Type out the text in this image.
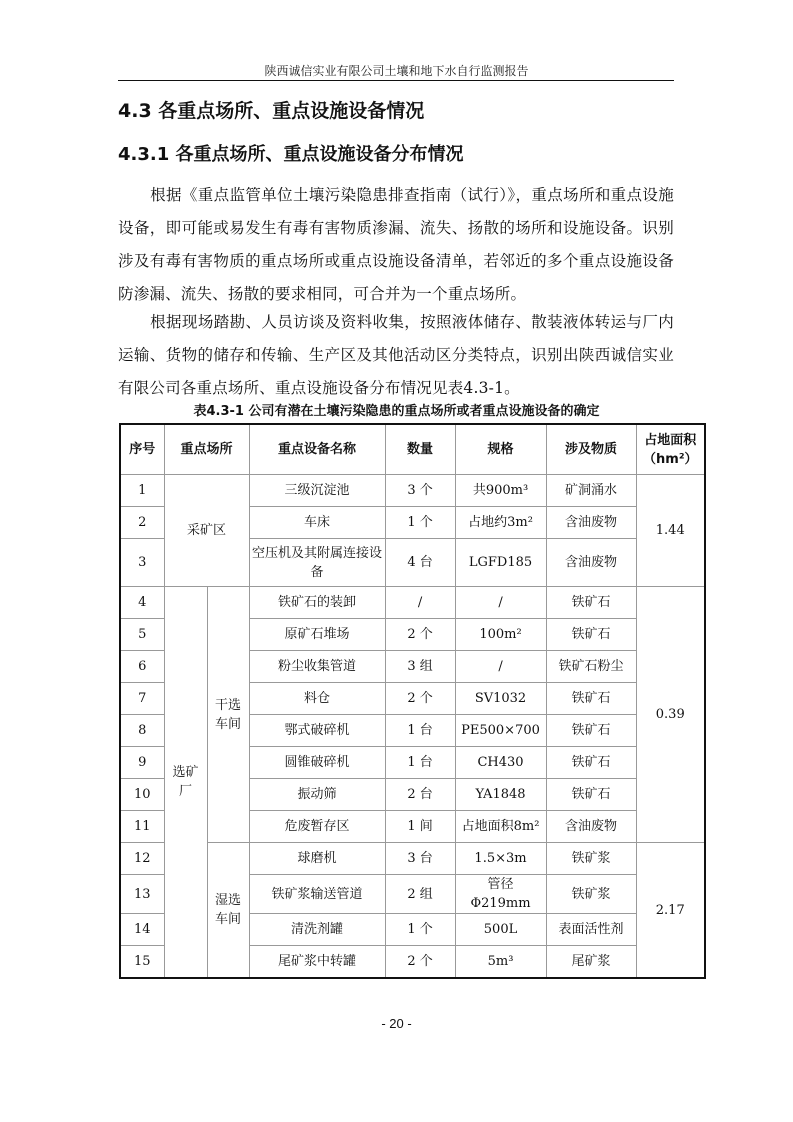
陕西诚信实业有限公司土壤和地下水自行监测报告
4.3 各重点场所、重点设施设备情况
4.3.1 各重点场所、重点设施设备分布情况
根据《重点监管单位土壤污染隐患排查指南（试行）》，重点场所和重点设施设备，即可能或易发生有毒有害物质渗漏、流失、扬散的场所和设施设备。识别涉及有毒有害物质的重点场所或重点设施设备清单，若邻近的多个重点设施设备防渗漏、流失、扬散的要求相同，可合并为一个重点场所。
根据现场踏勘、人员访谈及资料收集，按照液体储存、散装液体转运与厂内运输、货物的储存和传输、生产区及其他活动区分类特点，识别出陕西诚信实业有限公司各重点场所、重点设施设备分布情况见表4.3-1。
表4.3-1 公司有潜在土壤污染隐患的重点场所或者重点设施设备的确定
序号	重点场所		重点设备名称	数量	规格	涉及物质	占地面积
（hm²）
1	采矿区		三级沉淀池	3 个	共900m³	矿洞涌水	1.44
2			车床	1 个	占地约3m²	含油废物	
3			空压机及其附属连接设备	4 台	LGFD185	含油废物	
4	选矿厂	干选车间	铁矿石的装卸	/	/	铁矿石	0.39
5			原矿石堆场	2 个	100m²	铁矿石	
6			粉尘收集管道	3 组	/	铁矿石粉尘	
7			料仓	2 个	SV1032	铁矿石	
8			鄂式破碎机	1 台	PE500×700	铁矿石	
9			圆锥破碎机	1 台	CH430	铁矿石	
10			振动筛	2 台	YA1848	铁矿石	
11			危废暂存区	1 间	占地面积8m²	含油废物	
12		湿选车间	球磨机	3 台	1.5×3m	铁矿浆	2.17
13			铁矿浆输送管道	2 组	管径Φ219mm	铁矿浆	
14			清洗剂罐	1 个	500L	表面活性剂	
15			尾矿浆中转罐	2 个	5m³	尾矿浆	
- 20 -
